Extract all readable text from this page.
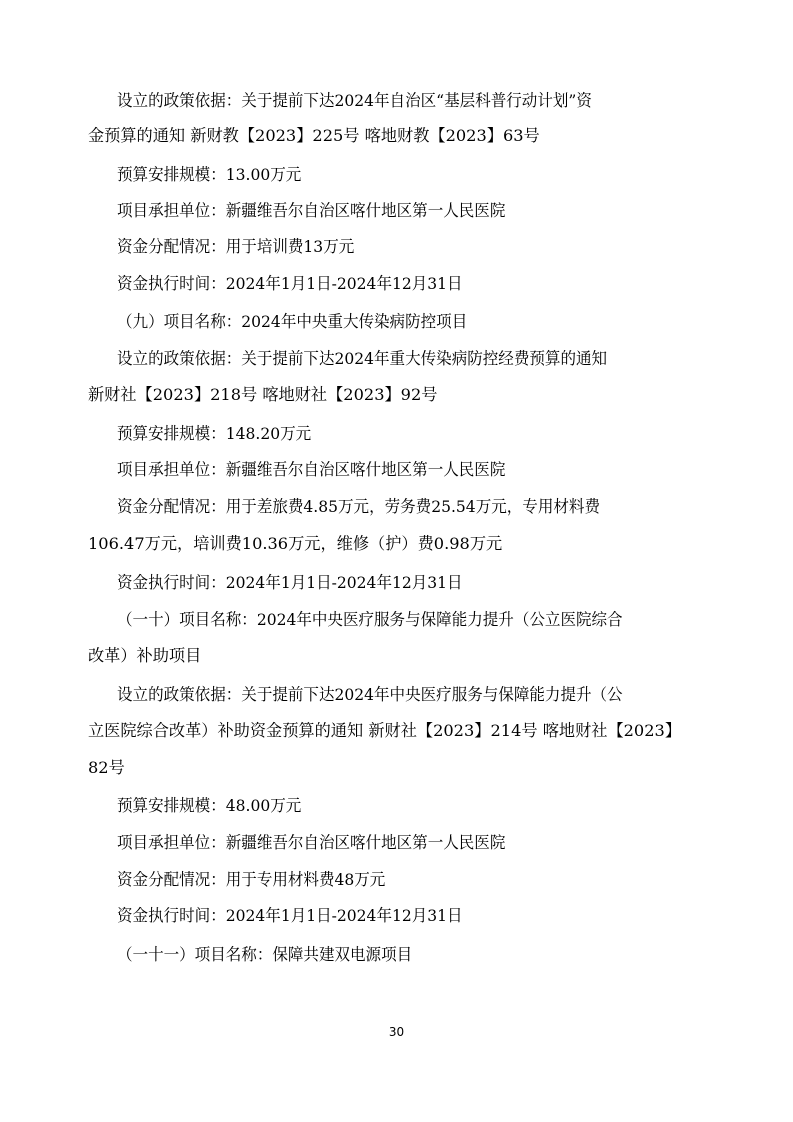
设立的政策依据：关于提前下达2024年自治区“基层科普行动计划”资
金预算的通知 新财教【2023】225号 喀地财教【2023】63号
预算安排规模：13.00万元
项目承担单位：新疆维吾尔自治区喀什地区第一人民医院
资金分配情况：用于培训费13万元
资金执行时间：2024年1月1日-2024年12月31日
（九）项目名称：2024年中央重大传染病防控项目
设立的政策依据：关于提前下达2024年重大传染病防控经费预算的通知
新财社【2023】218号 喀地财社【2023】92号
预算安排规模：148.20万元
项目承担单位：新疆维吾尔自治区喀什地区第一人民医院
资金分配情况：用于差旅费4.85万元，劳务费25.54万元，专用材料费
106.47万元，培训费10.36万元，维修（护）费0.98万元
资金执行时间：2024年1月1日-2024年12月31日
（一十）项目名称：2024年中央医疗服务与保障能力提升（公立医院综合
改革）补助项目
设立的政策依据：关于提前下达2024年中央医疗服务与保障能力提升（公
立医院综合改革）补助资金预算的通知 新财社【2023】214号 喀地财社【2023】
82号
预算安排规模：48.00万元
项目承担单位：新疆维吾尔自治区喀什地区第一人民医院
资金分配情况：用于专用材料费48万元
资金执行时间：2024年1月1日-2024年12月31日
（一十一）项目名称：保障共建双电源项目
30
